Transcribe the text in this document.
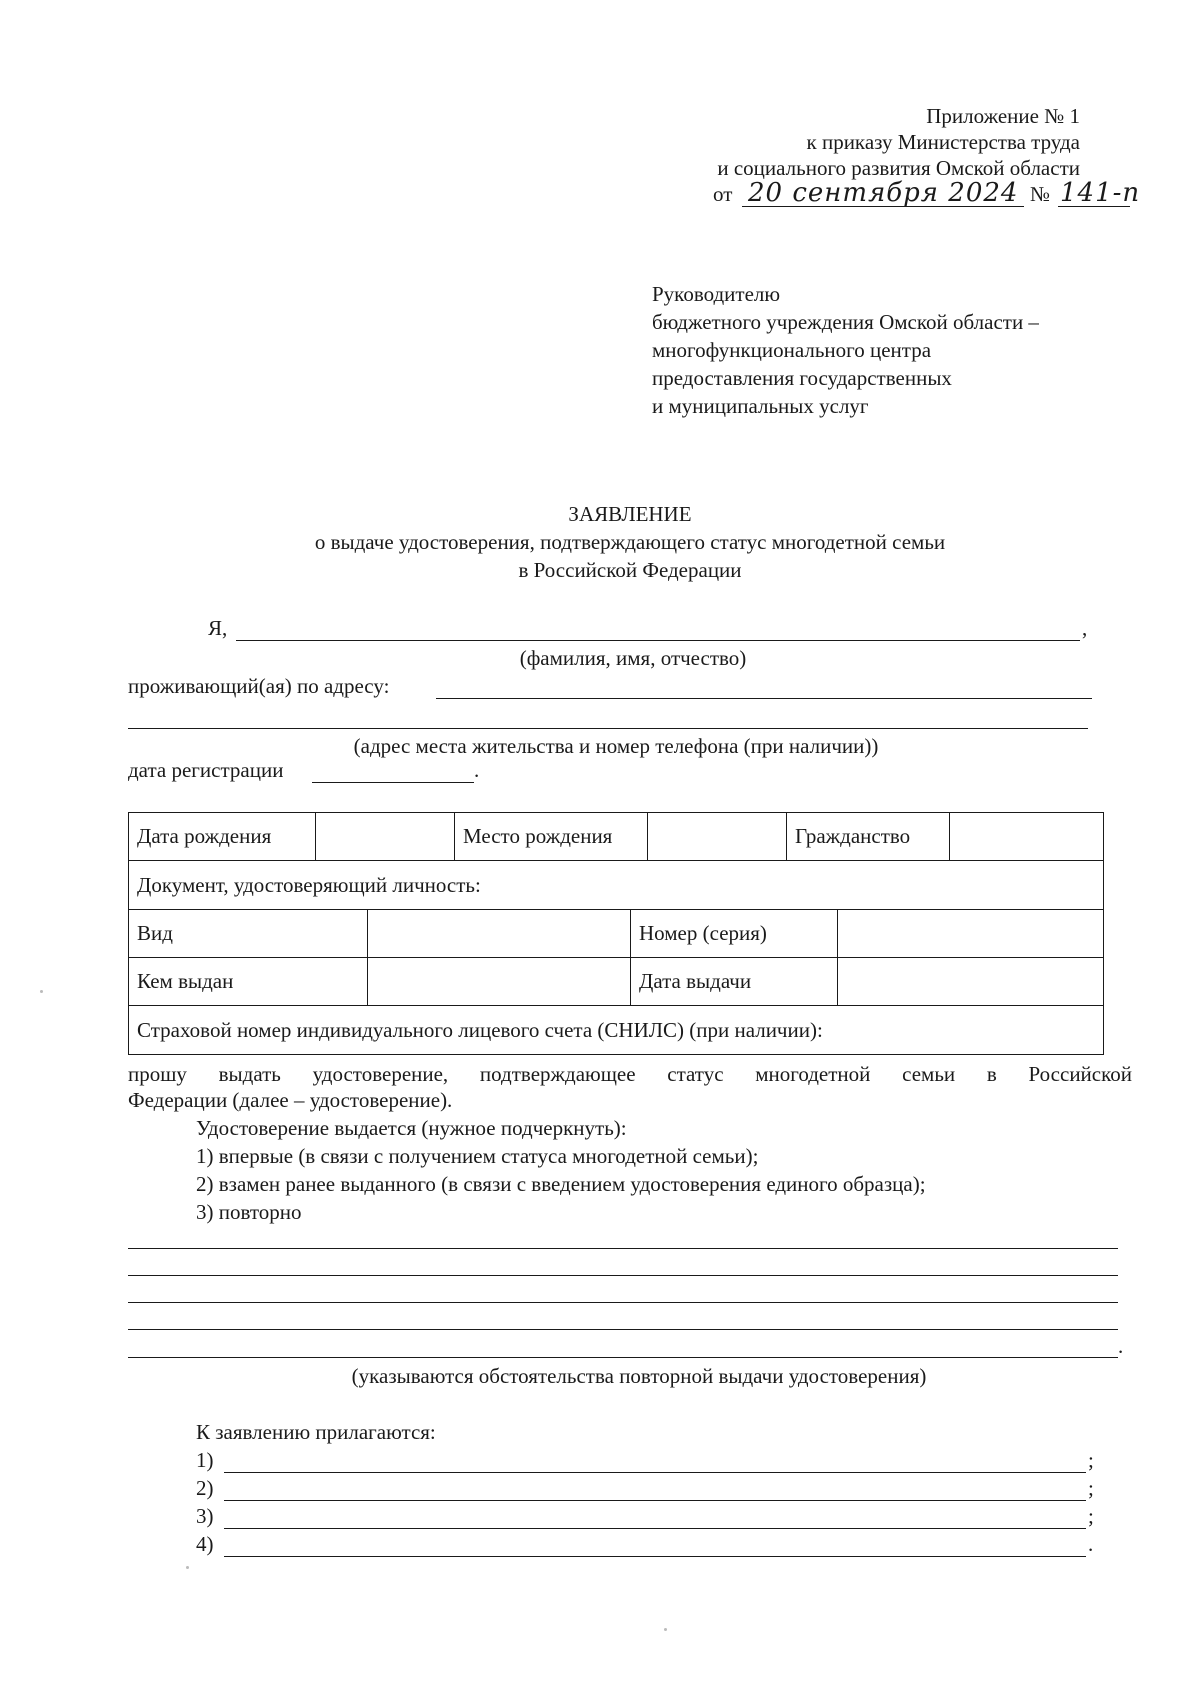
Приложение № 1
к приказу Министерства труда
и социального развития Омской области
от 20 сентября 2024 № 141-п
Руководителю
бюджетного учреждения Омской области –
многофункционального центра
предоставления государственных
и муниципальных услуг
ЗАЯВЛЕНИЕ
о выдаче удостоверения, подтверждающего статус многодетной семьи
в Российской Федерации
Я,	,
(фамилия, имя, отчество)
проживающий(ая) по адресу:
(адрес места жительства и номер телефона (при наличии))
дата регистрации	.
Дата рождения		Место рождения		Гражданство	
Документ, удостоверяющий личность:
Вид		Номер (серия)	
Кем выдан		Дата выдачи	
Страховой номер индивидуального лицевого счета (СНИЛС) (при наличии):			
прошу выдать удостоверение, подтверждающее статус многодетной семьи в Российской
Федерации (далее – удостоверение).
Удостоверение выдается (нужное подчеркнуть):
1) впервые (в связи с получением статуса многодетной семьи);
2) взамен ранее выданного (в связи с введением удостоверения единого образца);
3) повторно
.
(указываются обстоятельства повторной выдачи удостоверения)
К заявлению прилагаются:
1)	;
2)	;
3)	;
4)	.
